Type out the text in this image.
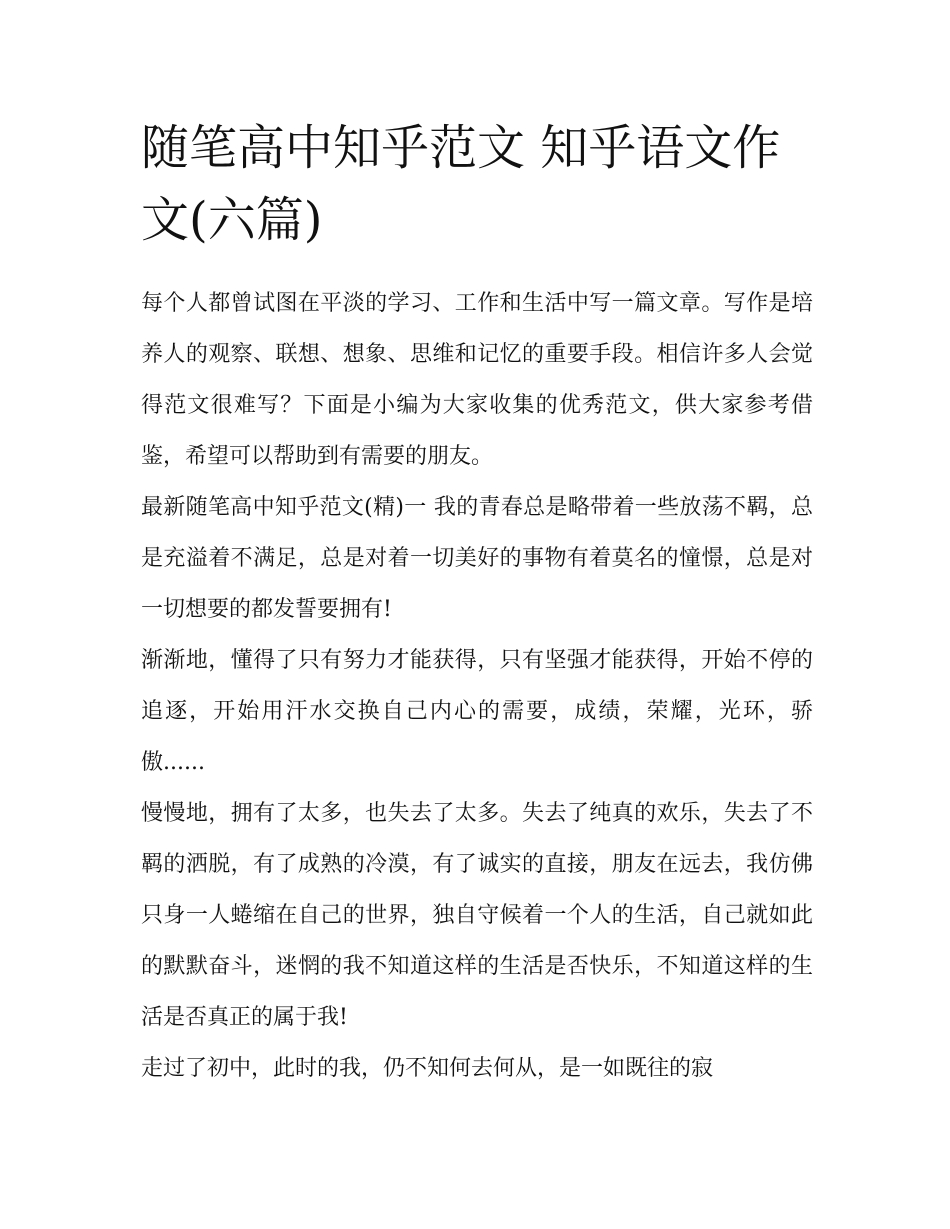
随笔高中知乎范文 知乎语文作文(六篇)

每个人都曾试图在平淡的学习、工作和生活中写一篇文章。写作是培养人的观察、联想、想象、思维和记忆的重要手段。相信许多人会觉得范文很难写？下面是小编为大家收集的优秀范文，供大家参考借鉴，希望可以帮助到有需要的朋友。

最新随笔高中知乎范文(精)一 我的青春总是略带着一些放荡不羁，总是充溢着不满足，总是对着一切美好的事物有着莫名的憧憬，总是对一切想要的都发誓要拥有!

渐渐地，懂得了只有努力才能获得，只有坚强才能获得，开始不停的追逐，开始用汗水交换自己内心的需要，成绩，荣耀，光环，骄傲......

慢慢地，拥有了太多，也失去了太多。失去了纯真的欢乐，失去了不羁的洒脱，有了成熟的冷漠，有了诚实的直接，朋友在远去，我仿佛只身一人蜷缩在自己的世界，独自守候着一个人的生活，自己就如此的默默奋斗，迷惘的我不知道这样的生活是否快乐，不知道这样的生活是否真正的属于我!

走过了初中，此时的我，仍不知何去何从，是一如既往的寂
